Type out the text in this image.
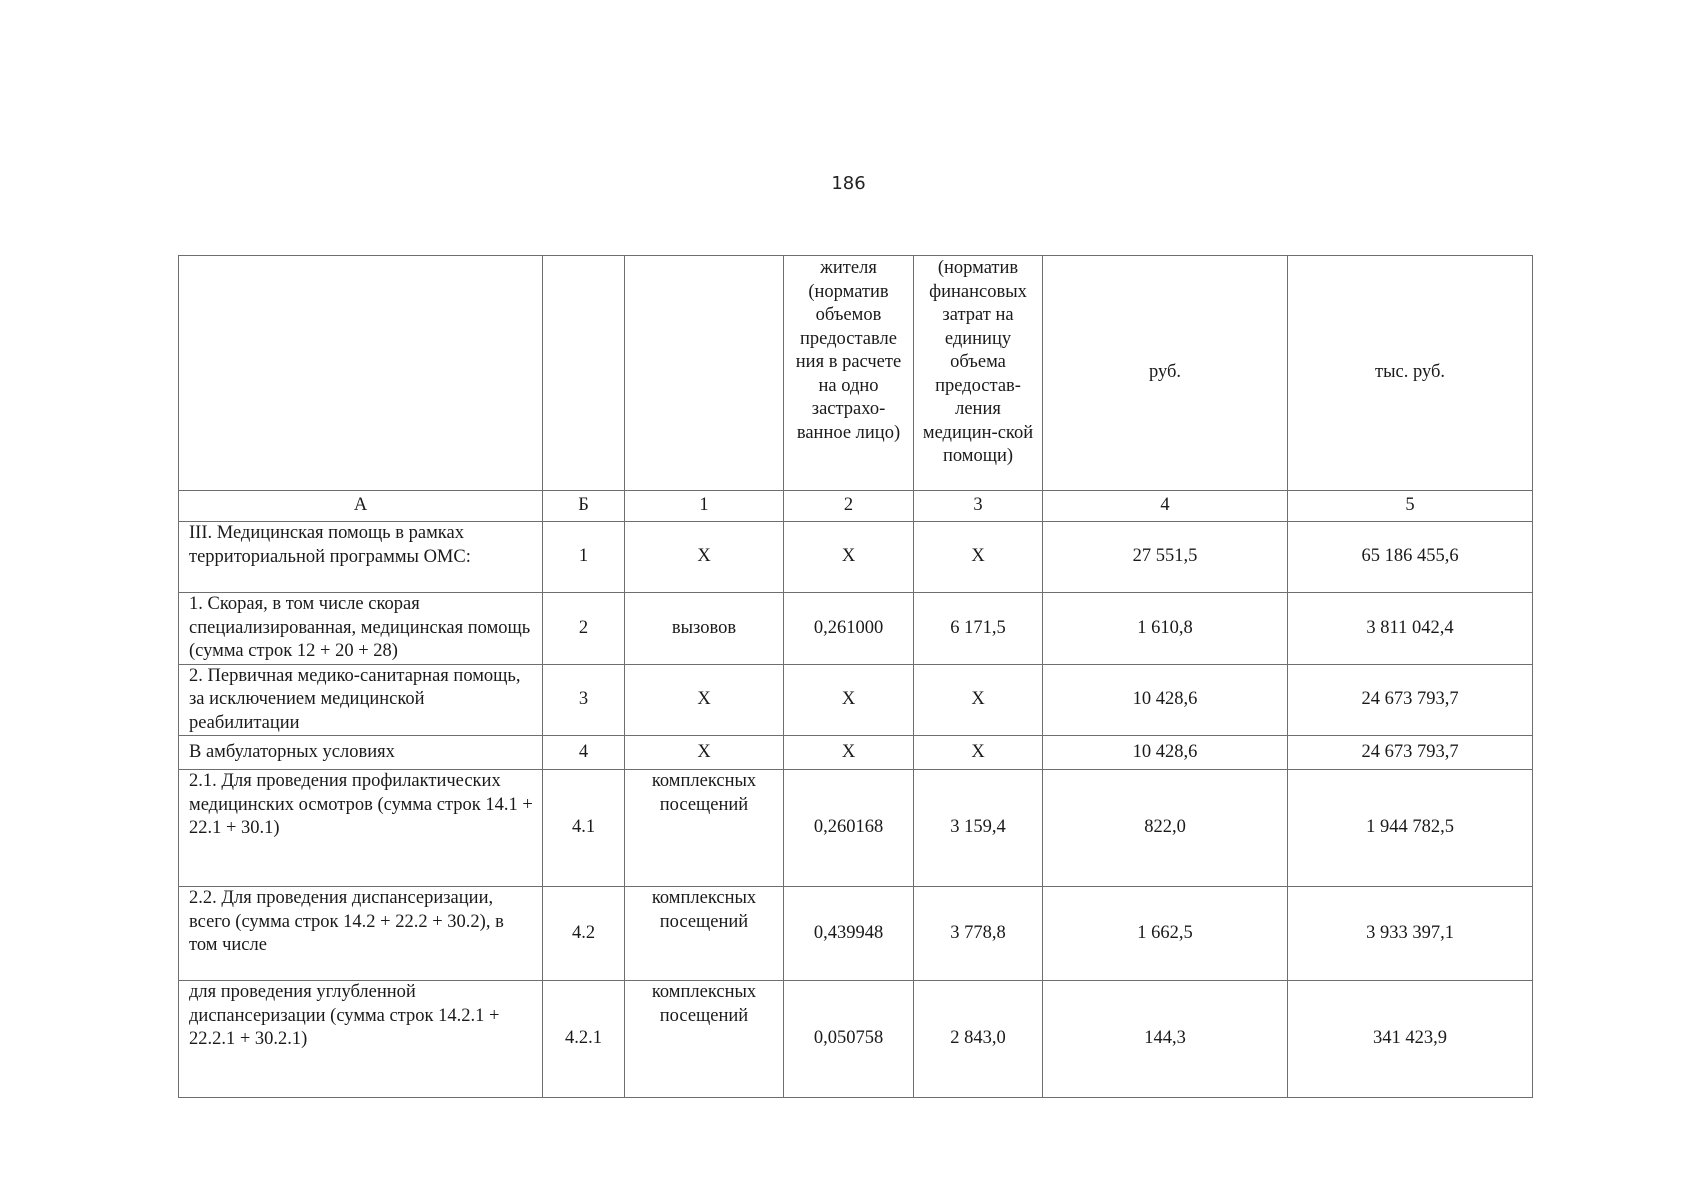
186
			жителя (норматив объемов предоставле ния в расчете на одно застрахо-ванное лицо)	(норматив финансовых затрат на единицу объема предостав-ления медицин-ской помощи)	руб.	тыс. руб.
А	Б	1	2	3	4	5
III. Медицинская помощь в рамках территориальной программы ОМС:	1	Х	Х	Х	27 551,5	65 186 455,6
1. Скорая, в том числе скорая специализированная, медицинская помощь (сумма строк 12 + 20 + 28)	2	вызовов	0,261000	6 171,5	1 610,8	3 811 042,4
2. Первичная медико-санитарная помощь, за исключением медицинской реабилитации	3	Х	Х	Х	10 428,6	24 673 793,7
В амбулаторных условиях	4	Х	Х	Х	10 428,6	24 673 793,7
2.1. Для проведения профилактических медицинских осмотров (сумма строк 14.1 + 22.1 + 30.1)	4.1	комплексных посещений	0,260168	3 159,4	822,0	1 944 782,5
2.2. Для проведения диспансеризации, всего (сумма строк 14.2 + 22.2 + 30.2), в том числе	4.2	комплексных посещений	0,439948	3 778,8	1 662,5	3 933 397,1
для проведения углубленной диспансеризации (сумма строк 14.2.1 + 22.2.1 + 30.2.1)	4.2.1	комплексных посещений	0,050758	2 843,0	144,3	341 423,9
